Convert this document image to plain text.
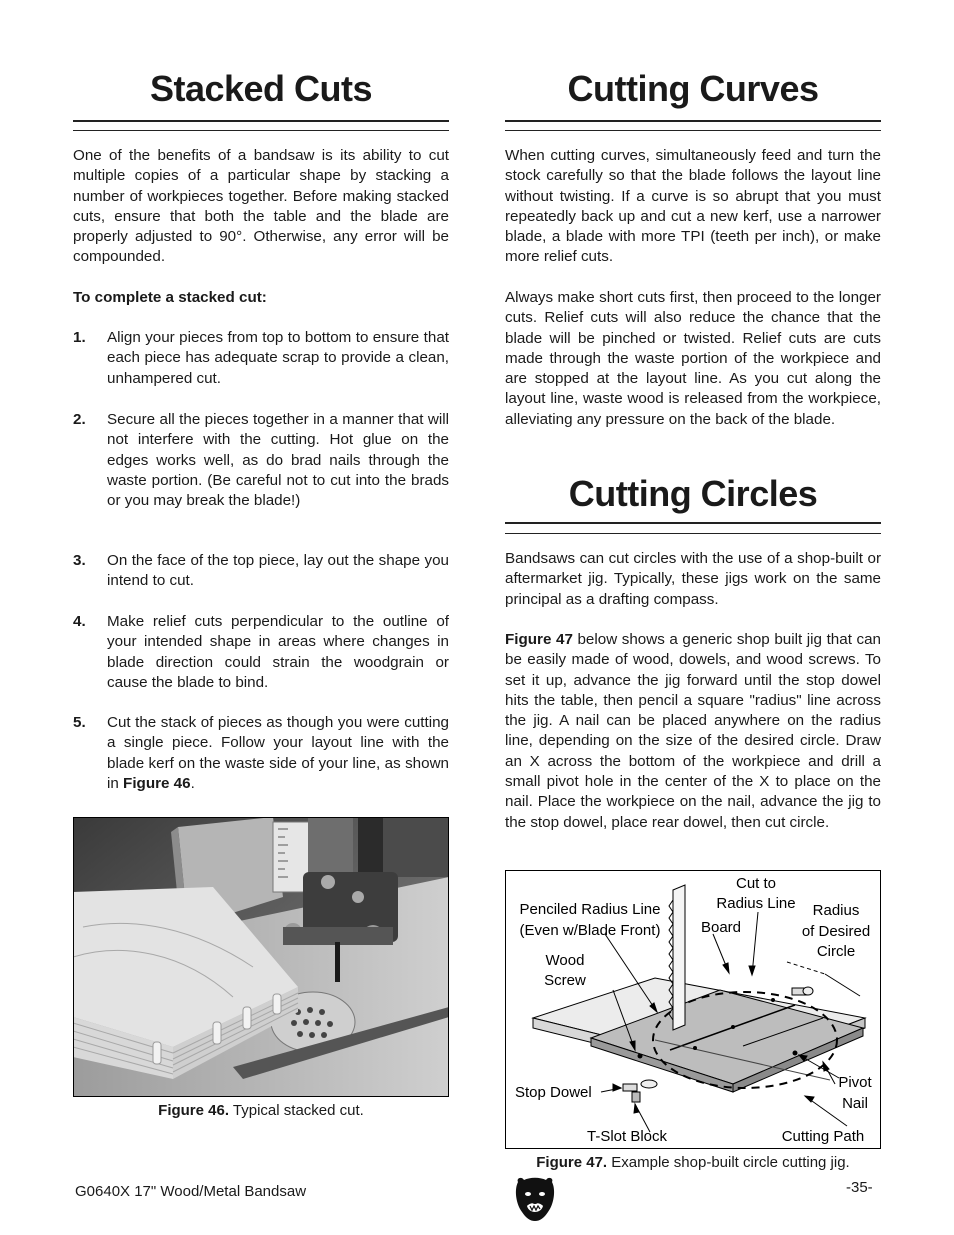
Stacked Cuts

One of the benefits of a bandsaw is its ability to cut multiple copies of a particular shape by stacking a number of workpieces together. Before making stacked cuts, ensure that both the table and the blade are properly adjusted to 90°. Otherwise, any error will be compounded.

To complete a stacked cut:

1. Align your pieces from top to bottom to ensure that each piece has adequate scrap to provide a clean, unhampered cut.
2. Secure all the pieces together in a manner that will not interfere with the cutting. Hot glue on the edges works well, as do brad nails through the waste portion. (Be careful not to cut into the brads or you may break the blade!)
3. On the face of the top piece, lay out the shape you intend to cut.
4. Make relief cuts perpendicular to the outline of your intended shape in areas where changes in blade direction could strain the woodgrain or cause the blade to bind.
5. Cut the stack of pieces as though you were cutting a single piece. Follow your layout line with the blade kerf on the waste side of your line, as shown in Figure 46.
Figure 46. Typical stacked cut.
Cutting Curves

When cutting curves, simultaneously feed and turn the stock carefully so that the blade follows the layout line without twisting. If a curve is so abrupt that you must repeatedly back up and cut a new kerf, use a narrower blade, a blade with more TPI (teeth per inch), or make more relief cuts.

Always make short cuts first, then proceed to the longer cuts. Relief cuts will also reduce the chance that the blade will be pinched or twisted. Relief cuts are cuts made through the waste portion of the workpiece and are stopped at the layout line. As you cut along the layout line, waste wood is released from the workpiece, alleviating any pressure on the back of the blade.

Cutting Circles

Bandsaws can cut circles with the use of a shop-built or aftermarket jig. Typically, these jigs work on the same principal as a drafting compass.

Figure 47 below shows a generic shop built jig that can be easily made of wood, dowels, and wood screws. To set it up, advance the jig forward until the stop dowel hits the table, then pencil a square "radius" line across the jig. A nail can be placed anywhere on the radius line, depending on the size of the desired circle. Draw an X across the bottom of the workpiece and drill a small pivot hole in the center of the X to place on the nail. Place the workpiece on the nail, advance the jig to the stop dowel, place rear dowel, then cut circle.

Penciled Radius Line
(Even w/Blade Front)
Cut to
Radius Line
Board
Radius
of Desired
Circle
Wood
Screw
Stop Dowel
Pivot
Nail
T-Slot Block	Cutting Path
Figure 47. Example shop-built circle cutting jig.
G0640X 17" Wood/Metal Bandsaw	-35-
